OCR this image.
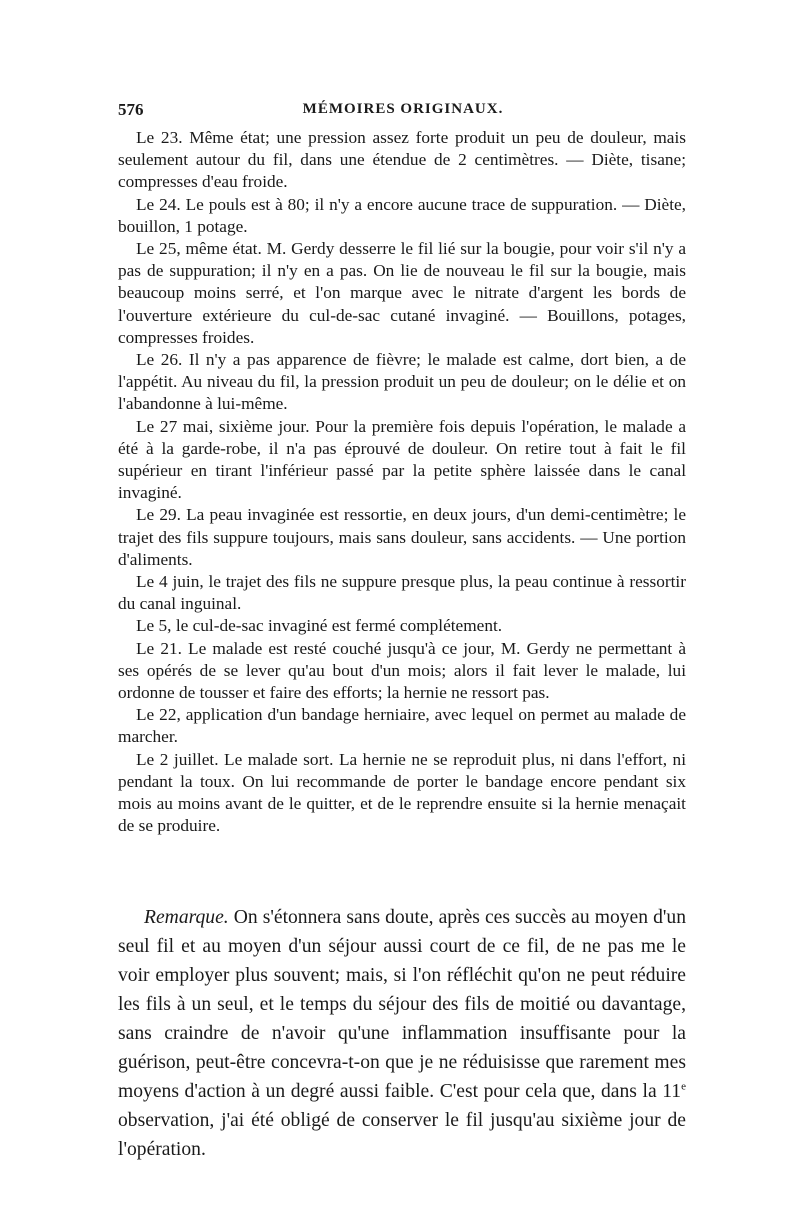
576	MÉMOIRES ORIGINAUX.

Le 23. Même état; une pression assez forte produit un peu de douleur, mais seulement autour du fil, dans une étendue de 2 centimètres. — Diète, tisane; compresses d'eau froide.

Le 24. Le pouls est à 80; il n'y a encore aucune trace de suppuration. — Diète, bouillon, 1 potage.

Le 25, même état. M. Gerdy desserre le fil lié sur la bougie, pour voir s'il n'y a pas de suppuration; il n'y en a pas. On lie de nouveau le fil sur la bougie, mais beaucoup moins serré, et l'on marque avec le nitrate d'argent les bords de l'ouverture extérieure du cul-de-sac cutané invaginé. — Bouillons, potages, compresses froides.

Le 26. Il n'y a pas apparence de fièvre; le malade est calme, dort bien, a de l'appétit. Au niveau du fil, la pression produit un peu de douleur; on le délie et on l'abandonne à lui-même.

Le 27 mai, sixième jour. Pour la première fois depuis l'opération, le malade a été à la garde-robe, il n'a pas éprouvé de douleur. On retire tout à fait le fil supérieur en tirant l'inférieur passé par la petite sphère laissée dans le canal invaginé.

Le 29. La peau invaginée est ressortie, en deux jours, d'un demi-centimètre; le trajet des fils suppure toujours, mais sans douleur, sans accidents. — Une portion d'aliments.

Le 4 juin, le trajet des fils ne suppure presque plus, la peau continue à ressortir du canal inguinal.

Le 5, le cul-de-sac invaginé est fermé complétement.

Le 21. Le malade est resté couché jusqu'à ce jour, M. Gerdy ne permettant à ses opérés de se lever qu'au bout d'un mois; alors il fait lever le malade, lui ordonne de tousser et faire des efforts; la hernie ne ressort pas.

Le 22, application d'un bandage herniaire, avec lequel on permet au malade de marcher.

Le 2 juillet. Le malade sort. La hernie ne se reproduit plus, ni dans l'effort, ni pendant la toux. On lui recommande de porter le bandage encore pendant six mois au moins avant de le quitter, et de le reprendre ensuite si la hernie menaçait de se produire.

Remarque. On s'étonnera sans doute, après ces succès au moyen d'un seul fil et au moyen d'un séjour aussi court de ce fil, de ne pas me le voir employer plus souvent; mais, si l'on réfléchit qu'on ne peut réduire les fils à un seul, et le temps du séjour des fils de moitié ou davantage, sans craindre de n'avoir qu'une inflammation insuffisante pour la guérison, peut-être concevra-t-on que je ne réduisisse que rarement mes moyens d'action à un degré aussi faible. C'est pour cela que, dans la 11e observation, j'ai été obligé de conserver le fil jusqu'au sixième jour de l'opération.
